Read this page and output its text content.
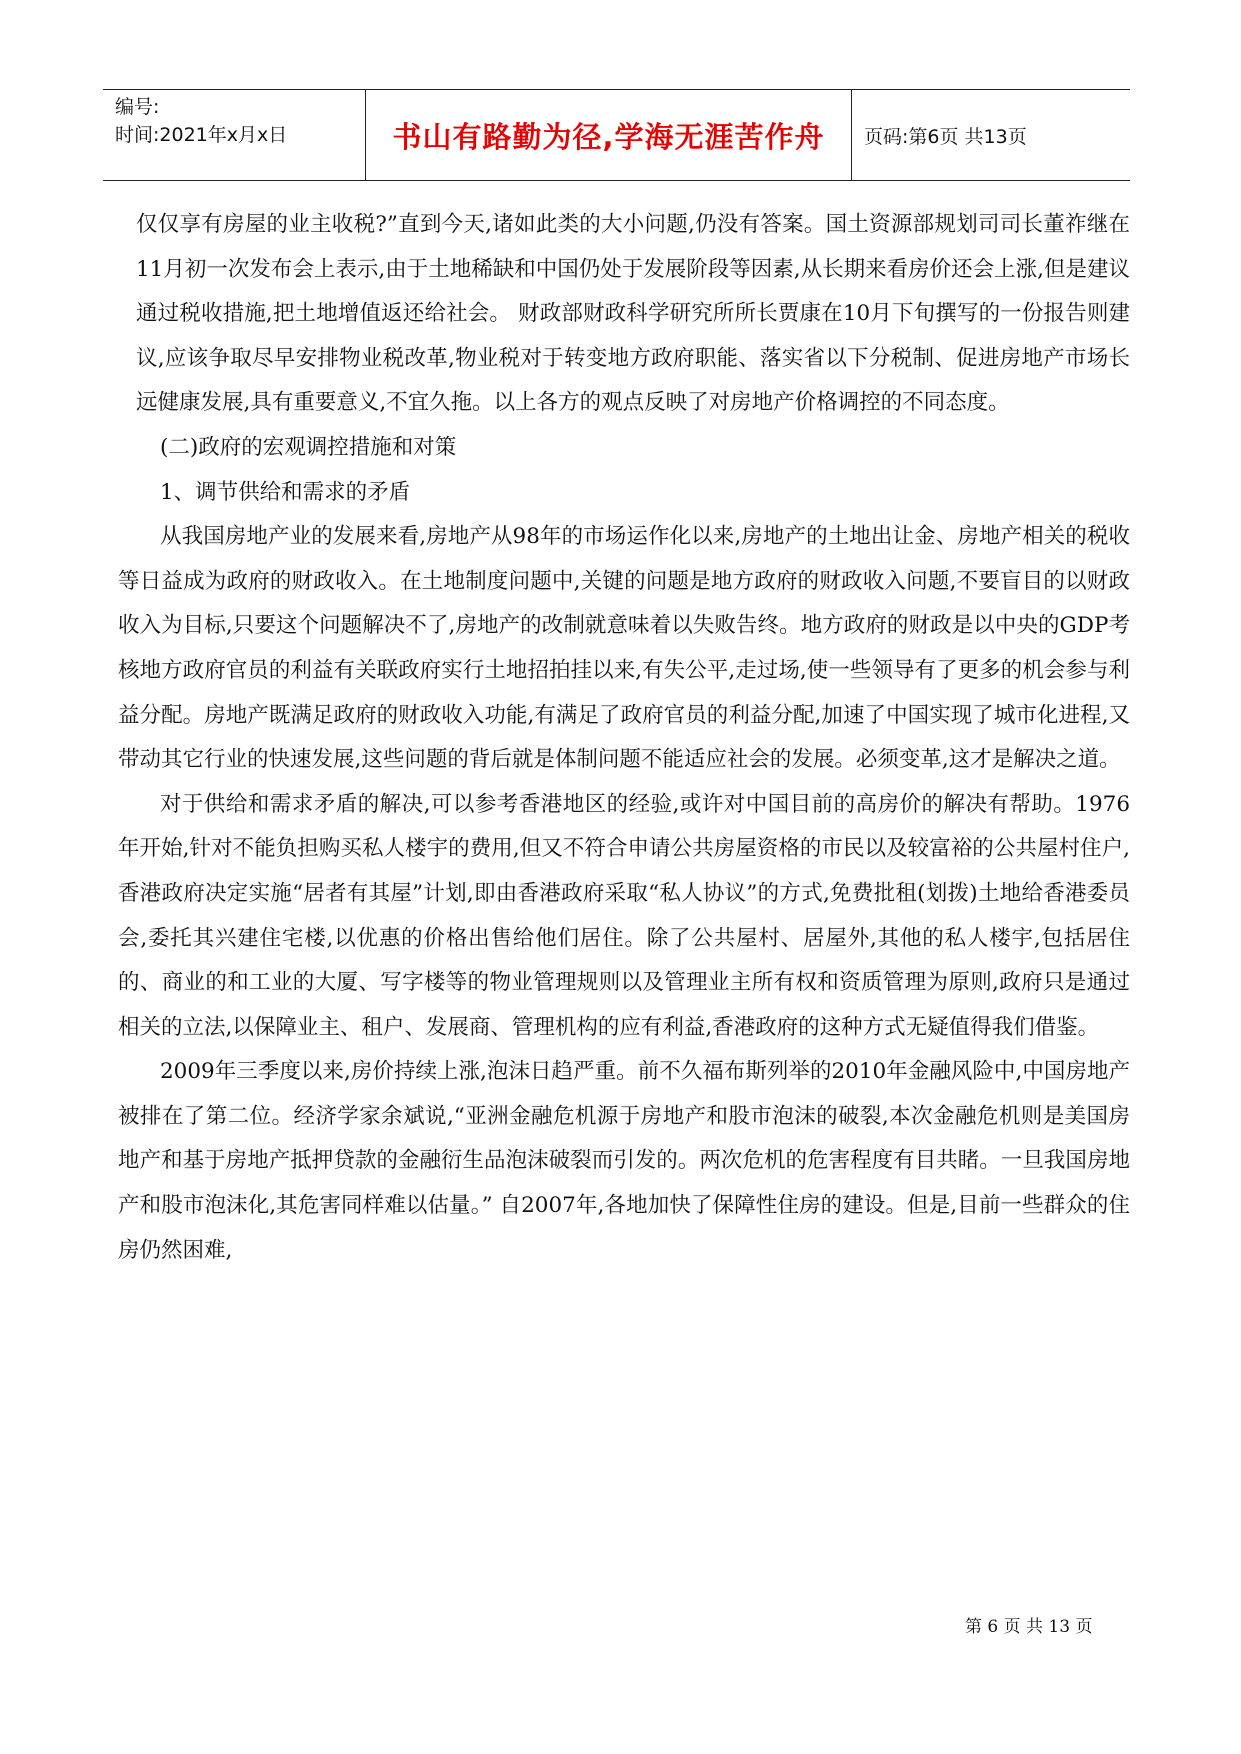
编号:
时间:2021年x月x日	书山有路勤为径,学海无涯苦作舟 页码:第6页 共13页

仅仅享有房屋的业主收税?”直到今天,诸如此类的大小问题,仍没有答案。国土资源部规划司司长董祚继在11月初一次发布会上表示,由于土地稀缺和中国仍处于发展阶段等因素,从长期来看房价还会上涨,但是建议通过税收措施,把土地增值返还给社会。 财政部财政科学研究所所长贾康在10月下旬撰写的一份报告则建议,应该争取尽早安排物业税改革,物业税对于转变地方政府职能、落实省以下分税制、促进房地产市场长远健康发展,具有重要意义,不宜久拖。以上各方的观点反映了对房地产价格调控的不同态度。

(二)政府的宏观调控措施和对策

1、调节供给和需求的矛盾

从我国房地产业的发展来看,房地产从98年的市场运作化以来,房地产的土地出让金、房地产相关的税收等日益成为政府的财政收入。在土地制度问题中,关键的问题是地方政府的财政收入问题,不要盲目的以财政收入为目标,只要这个问题解决不了,房地产的改制就意味着以失败告终。地方政府的财政是以中央的GDP考核地方政府官员的利益有关联政府实行土地招拍挂以来,有失公平,走过场,使一些领导有了更多的机会参与利益分配。房地产既满足政府的财政收入功能,有满足了政府官员的利益分配,加速了中国实现了城市化进程,又带动其它行业的快速发展,这些问题的背后就是体制问题不能适应社会的发展。必须变革,这才是解决之道。

对于供给和需求矛盾的解决,可以参考香港地区的经验,或许对中国目前的高房价的解决有帮助。1976年开始,针对不能负担购买私人楼宇的费用,但又不符合申请公共房屋资格的市民以及较富裕的公共屋村住户,香港政府决定实施“居者有其屋”计划,即由香港政府采取“私人协议”的方式,免费批租(划拨)土地给香港委员会,委托其兴建住宅楼,以优惠的价格出售给他们居住。除了公共屋村、居屋外,其他的私人楼宇,包括居住的、商业的和工业的大厦、写字楼等的物业管理规则以及管理业主所有权和资质管理为原则,政府只是通过相关的立法,以保障业主、租户、发展商、管理机构的应有利益,香港政府的这种方式无疑值得我们借鉴。

2009年三季度以来,房价持续上涨,泡沫日趋严重。前不久福布斯列举的2010年金融风险中,中国房地产被排在了第二位。经济学家余斌说,“亚洲金融危机源于房地产和股市泡沫的破裂,本次金融危机则是美国房地产和基于房地产抵押贷款的金融衍生品泡沫破裂而引发的。两次危机的危害程度有目共睹。一旦我国房地产和股市泡沫化,其危害同样难以估量。” 自2007年,各地加快了保障性住房的建设。但是,目前一些群众的住房仍然困难,

第 6 页 共 13 页
